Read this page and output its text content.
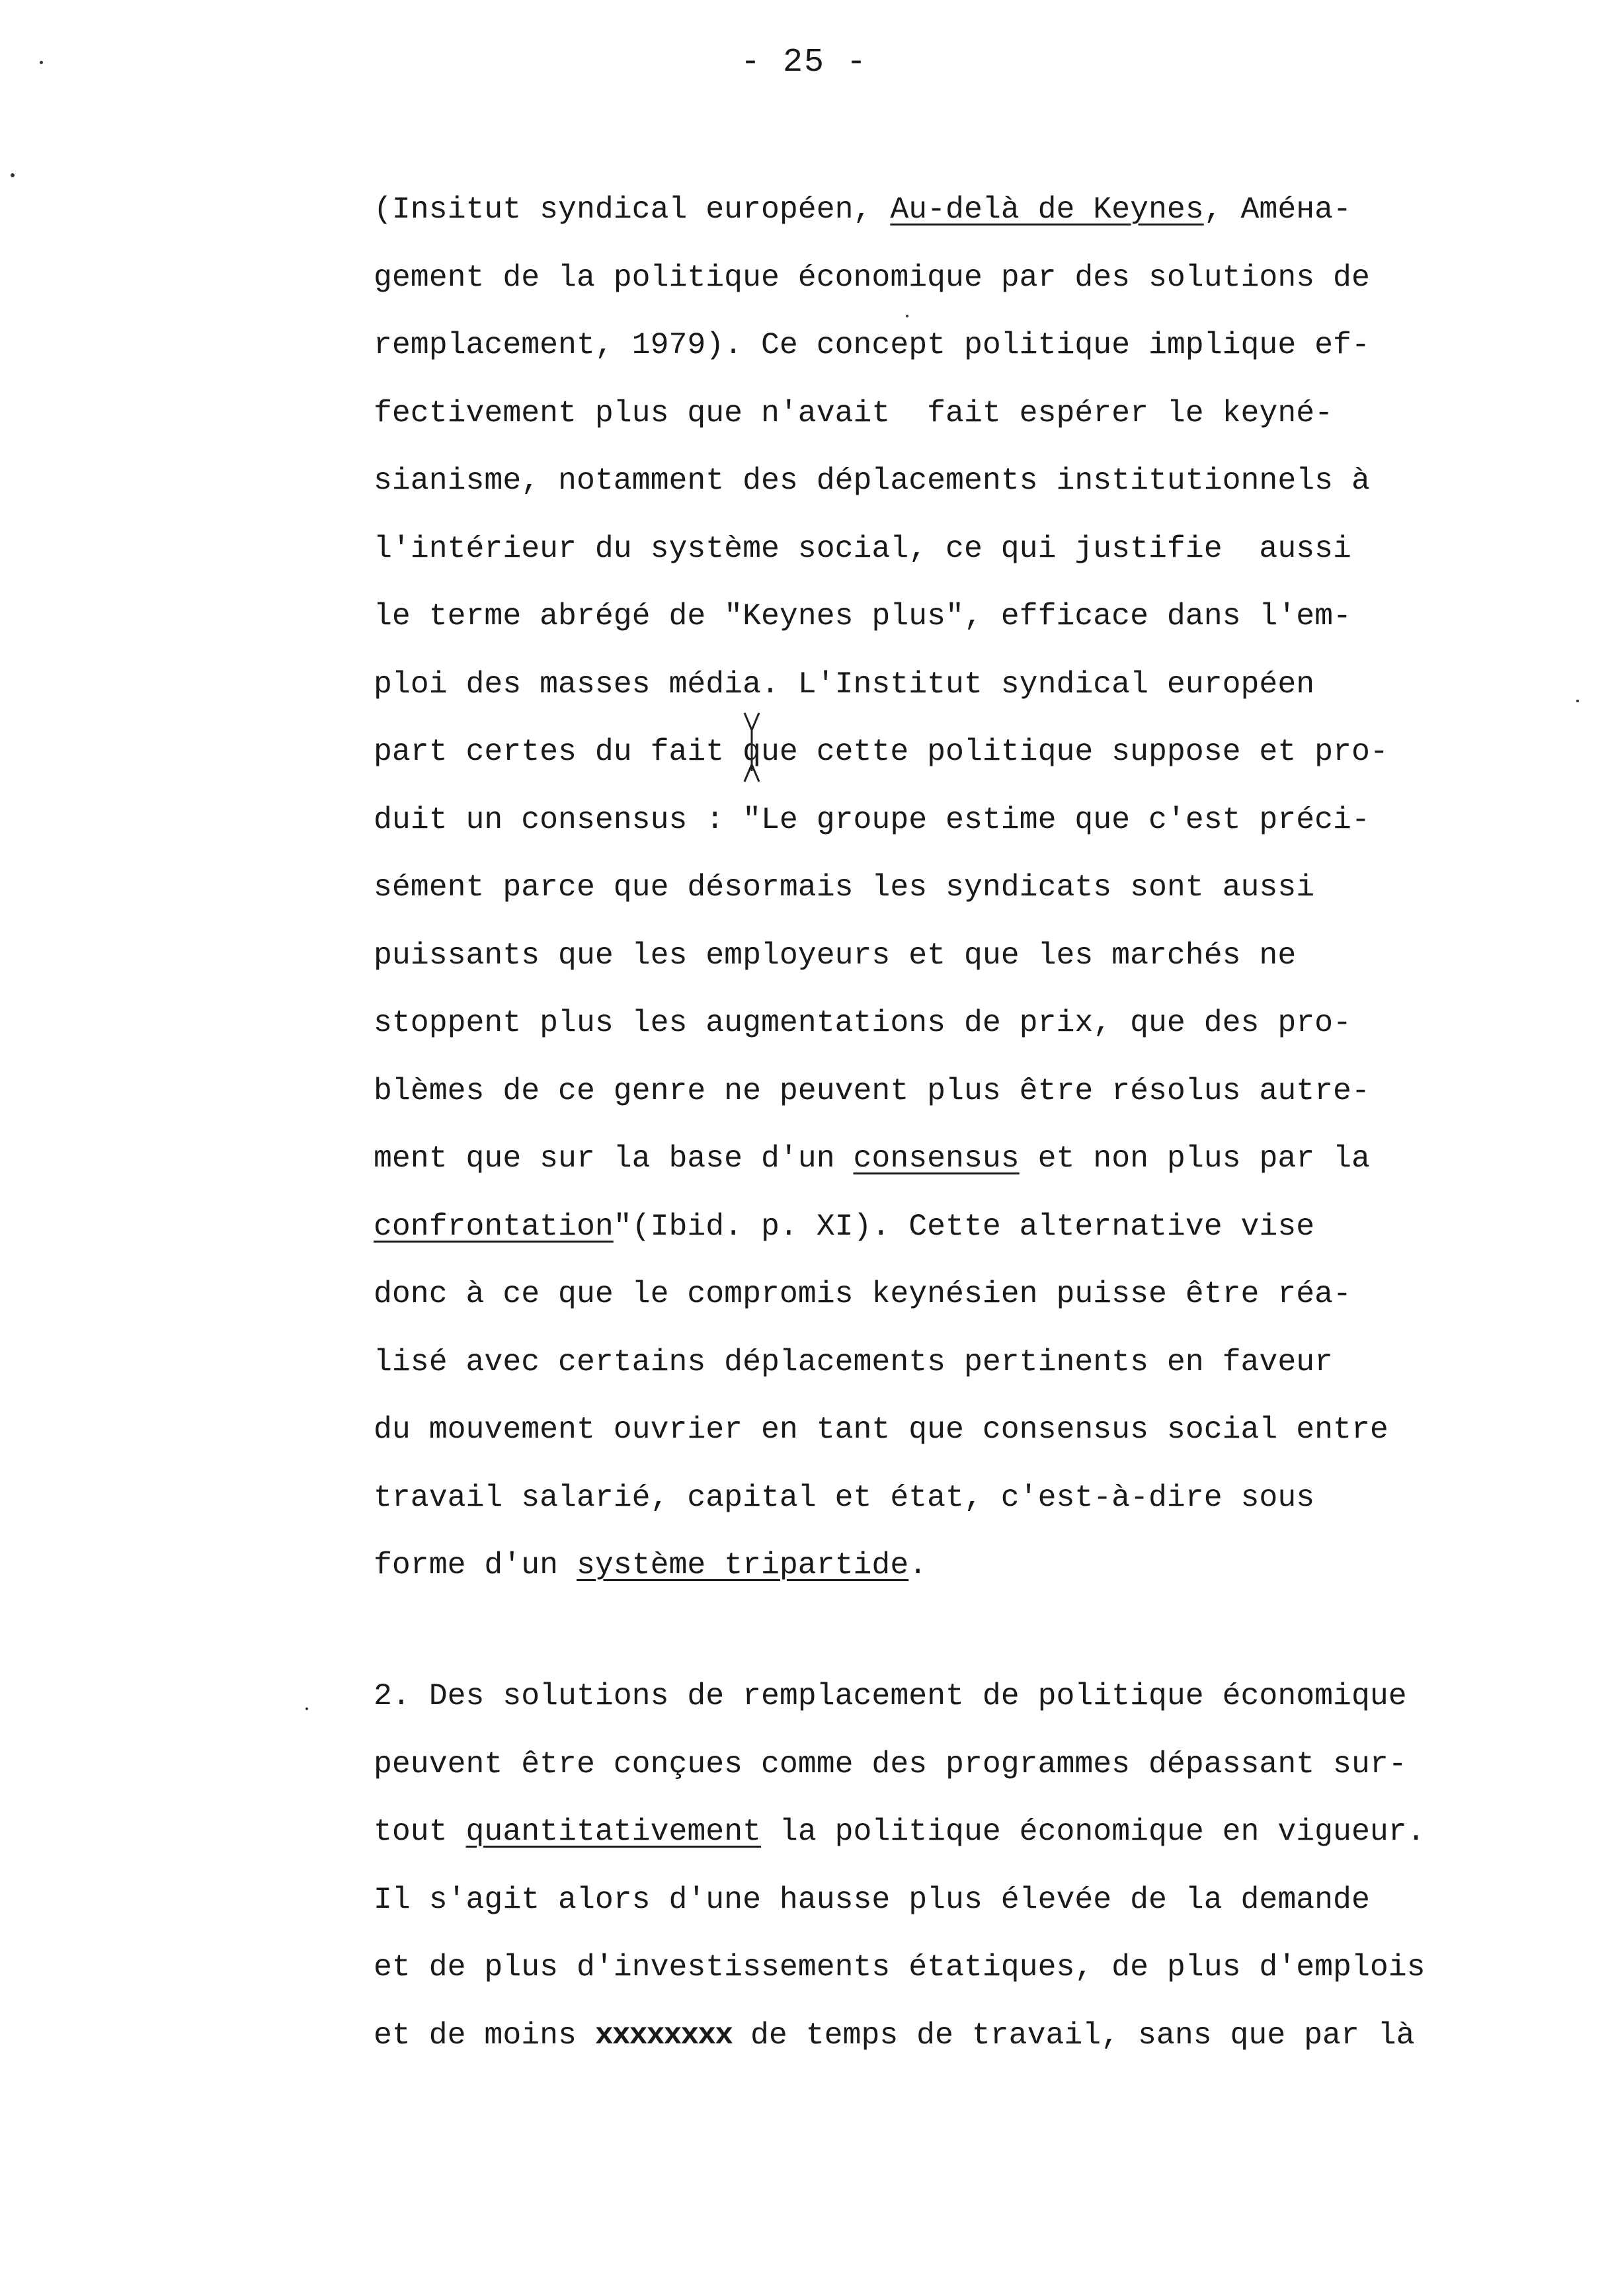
- 25 -
(Insitut syndical européen, Au-delà de Keynes, Améна-
gement de la politique économique par des solutions de
remplacement, 1979). Ce concept politique implique ef-
fectivement plus que n'avait  fait espérer le keyné-
sianisme, notamment des déplacements institutionnels à
l'intérieur du système social, ce qui justifie  aussi
le terme abrégé de "Keynes plus", efficace dans l'em-
ploi des masses média. L'Institut syndical européen
part certes du fait que cette politique suppose et pro-
duit un consensus : "Le groupe estime que c'est préci-
sément parce que désormais les syndicats sont aussi
puissants que les employeurs et que les marchés ne
stoppent plus les augmentations de prix, que des pro-
blèmes de ce genre ne peuvent plus être résolus autre-
ment que sur la base d'un consensus et non plus par la
confrontation"(Ibid. p. XI). Cette alternative vise
donc à ce que le compromis keynésien puisse être réa-
lisé avec certains déplacements pertinents en faveur
du mouvement ouvrier en tant que consensus social entre
travail salarié, capital et état, c'est-à-dire sous
forme d'un système tripartide.
2. Des solutions de remplacement de politique économique
peuvent être conçues comme des programmes dépassant sur-
tout quantitativement la politique économique en vigueur.
Il s'agit alors d'une hausse plus élevée de la demande
et de plus d'investissements étatiques, de plus d'emplois
et de moins xxxxxxxx de temps de travail, sans que par là
